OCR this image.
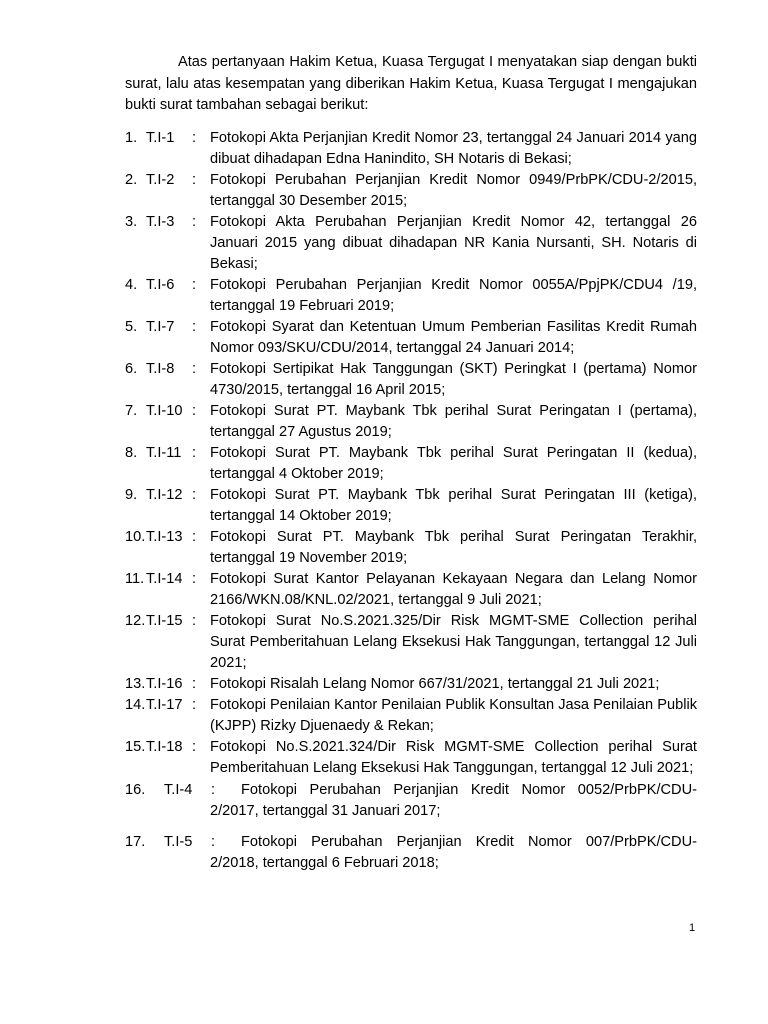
Atas pertanyaan Hakim Ketua, Kuasa Tergugat I menyatakan siap dengan bukti surat, lalu atas kesempatan yang diberikan Hakim Ketua, Kuasa Tergugat I mengajukan bukti surat tambahan sebagai berikut:

1. T.I-1 : Fotokopi Akta Perjanjian Kredit Nomor 23, tertanggal 24 Januari 2014 yang dibuat dihadapan Edna Hanindito, SH Notaris di Bekasi;
2. T.I-2 : Fotokopi Perubahan Perjanjian Kredit Nomor 0949/PrbPK/CDU-2/2015, tertanggal 30 Desember 2015;
3. T.I-3 : Fotokopi Akta Perubahan Perjanjian Kredit Nomor 42, tertanggal 26 Januari 2015 yang dibuat dihadapan NR Kania Nursanti, SH. Notaris di Bekasi;
4. T.I-6 : Fotokopi Perubahan Perjanjian Kredit Nomor 0055A/PpjPK/CDU4 /19, tertanggal 19 Februari 2019;
5. T.I-7 : Fotokopi Syarat dan Ketentuan Umum Pemberian Fasilitas Kredit Rumah Nomor 093/SKU/CDU/2014, tertanggal 24 Januari 2014;
6. T.I-8 : Fotokopi Sertipikat Hak Tanggungan (SKT) Peringkat I (pertama) Nomor 4730/2015, tertanggal 16 April 2015;
7. T.I-10 : Fotokopi Surat PT. Maybank Tbk perihal Surat Peringatan I (pertama), tertanggal 27 Agustus 2019;
8. T.I-11 : Fotokopi Surat PT. Maybank Tbk perihal Surat Peringatan II (kedua), tertanggal 4 Oktober 2019;
9. T.I-12 : Fotokopi Surat PT. Maybank Tbk perihal Surat Peringatan III (ketiga), tertanggal 14 Oktober 2019;
10. T.I-13 : Fotokopi Surat PT. Maybank Tbk perihal Surat Peringatan Terakhir, tertanggal 19 November 2019;
11. T.I-14 : Fotokopi Surat Kantor Pelayanan Kekayaan Negara dan Lelang Nomor 2166/WKN.08/KNL.02/2021, tertanggal 9 Juli 2021;
12. T.I-15 : Fotokopi Surat No.S.2021.325/Dir Risk MGMT-SME Collection perihal Surat Pemberitahuan Lelang Eksekusi Hak Tanggungan, tertanggal 12 Juli 2021;
13. T.I-16 : Fotokopi Risalah Lelang Nomor 667/31/2021, tertanggal 21 Juli 2021;
14. T.I-17 : Fotokopi Penilaian Kantor Penilaian Publik Konsultan Jasa Penilaian Publik (KJPP) Rizky Djuenaedy & Rekan;
15. T.I-18 : Fotokopi No.S.2021.324/Dir Risk MGMT-SME Collection perihal Surat Pemberitahuan Lelang Eksekusi Hak Tanggungan, tertanggal 12 Juli 2021;
16. T.I-4 : Fotokopi Perubahan Perjanjian Kredit Nomor 0052/PrbPK/CDU-
2/2017, tertanggal 31 Januari 2017;
17. T.I-5 : Fotokopi Perubahan Perjanjian Kredit Nomor 007/PrbPK/CDU-
2/2018, tertanggal 6 Februari 2018;
1
